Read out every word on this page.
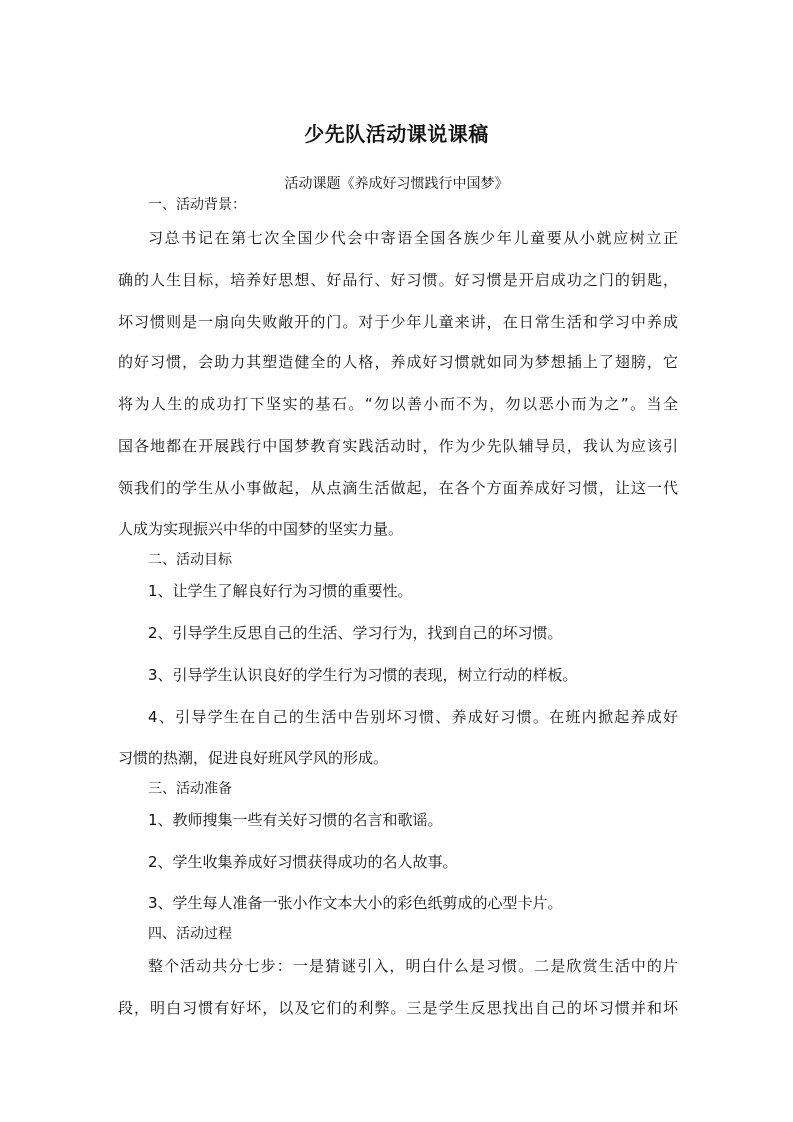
少先队活动课说课稿
活动课题《养成好习惯践行中国梦》
一、活动背景：
习总书记在第七次全国少代会中寄语全国各族少年儿童要从小就应树立正
确的人生目标，培养好思想、好品行、好习惯。好习惯是开启成功之门的钥匙，
坏习惯则是一扇向失败敞开的门。对于少年儿童来讲，在日常生活和学习中养成
的好习惯，会助力其塑造健全的人格，养成好习惯就如同为梦想插上了翅膀，它
将为人生的成功打下坚实的基石。“勿以善小而不为，勿以恶小而为之”。当全
国各地都在开展践行中国梦教育实践活动时，作为少先队辅导员，我认为应该引
领我们的学生从小事做起，从点滴生活做起，在各个方面养成好习惯，让这一代
人成为实现振兴中华的中国梦的坚实力量。
二、活动目标
1、让学生了解良好行为习惯的重要性。
2、引导学生反思自己的生活、学习行为，找到自己的坏习惯。
3、引导学生认识良好的学生行为习惯的表现，树立行动的样板。
4、引导学生在自己的生活中告别坏习惯、养成好习惯。在班内掀起养成好
习惯的热潮，促进良好班风学风的形成。
三、活动准备
1、教师搜集一些有关好习惯的名言和歌谣。
2、学生收集养成好习惯获得成功的名人故事。
3、学生每人准备一张小作文本大小的彩色纸剪成的心型卡片。
四、活动过程
整个活动共分七步：一是猜谜引入，明白什么是习惯。二是欣赏生活中的片
段，明白习惯有好坏，以及它们的利弊。三是学生反思找出自己的坏习惯并和坏
